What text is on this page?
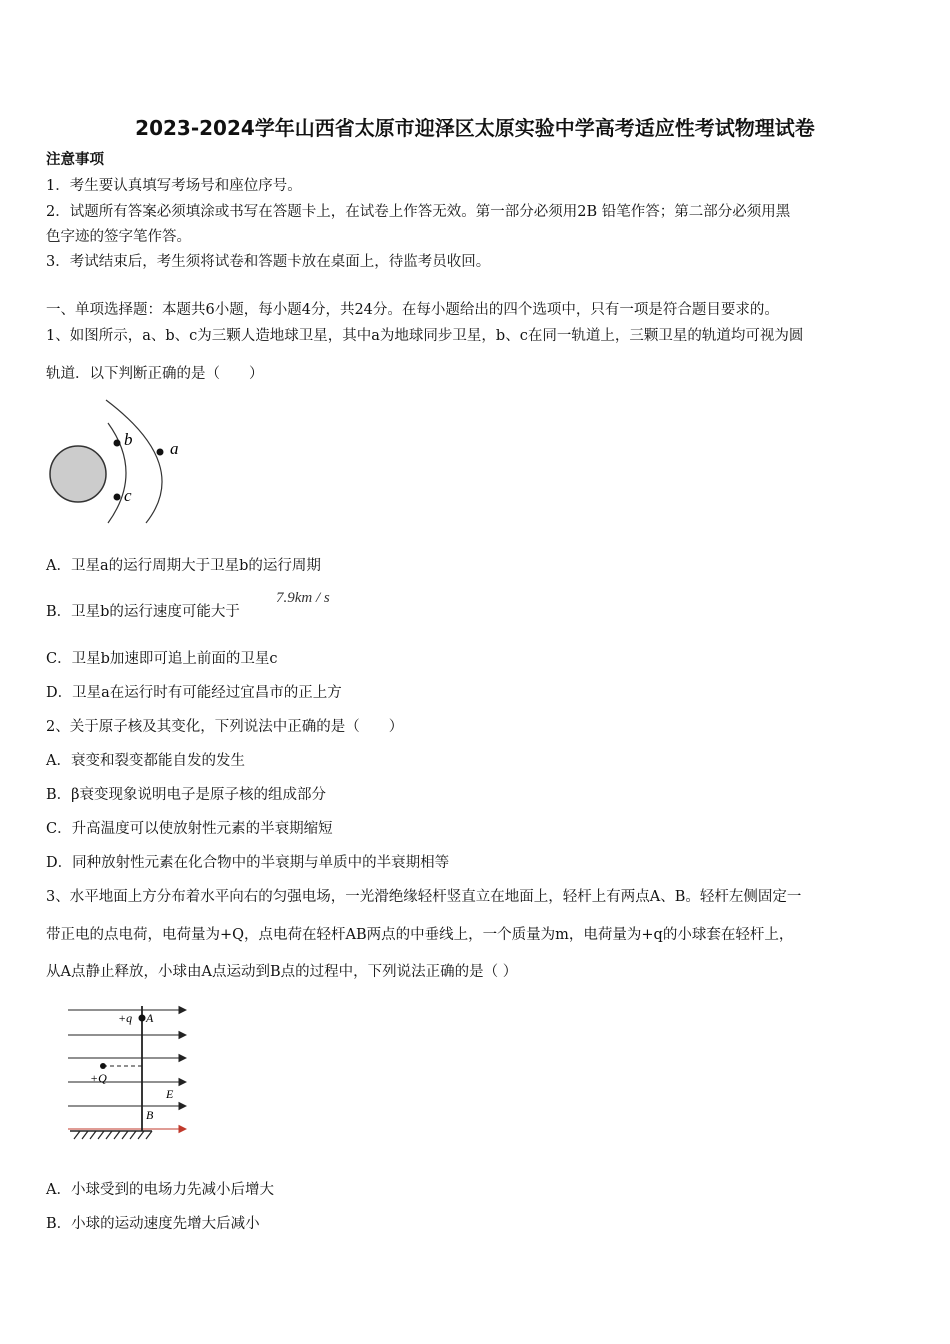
2023-2024学年山西省太原市迎泽区太原实验中学高考适应性考试物理试卷
注意事项
1．考生要认真填写考场号和座位序号。
2．试题所有答案必须填涂或书写在答题卡上，在试卷上作答无效。第一部分必须用2B 铅笔作答；第二部分必须用黑
色字迹的签字笔作答。
3．考试结束后，考生须将试卷和答题卡放在桌面上，待监考员收回。
一、单项选择题：本题共6小题，每小题4分，共24分。在每小题给出的四个选项中，只有一项是符合题目要求的。
1、如图所示，a、b、c为三颗人造地球卫星，其中a为地球同步卫星，b、c在同一轨道上，三颗卫星的轨道均可视为圆
轨道．以下判断正确的是（　　）
b
c
a
A．卫星a的运行周期大于卫星b的运行周期
B．卫星b的运行速度可能大于
7.9km / s
C．卫星b加速即可追上前面的卫星c
D．卫星a在运行时有可能经过宜昌市的正上方
2、关于原子核及其变化，下列说法中正确的是（　　）
A．衰变和裂变都能自发的发生
B．β衰变现象说明电子是原子核的组成部分
C．升高温度可以使放射性元素的半衰期缩短
D．同种放射性元素在化合物中的半衰期与单质中的半衰期相等
3、水平地面上方分布着水平向右的匀强电场，一光滑绝缘轻杆竖直立在地面上，轻杆上有两点A、B。轻杆左侧固定一
带正电的点电荷，电荷量为+Q，点电荷在轻杆AB两点的中垂线上，一个质量为m，电荷量为+q的小球套在轻杆上，
从A点静止释放，小球由A点运动到B点的过程中，下列说法正确的是（ ）
+q A
+Q
E
B
A．小球受到的电场力先减小后增大
B．小球的运动速度先增大后减小
